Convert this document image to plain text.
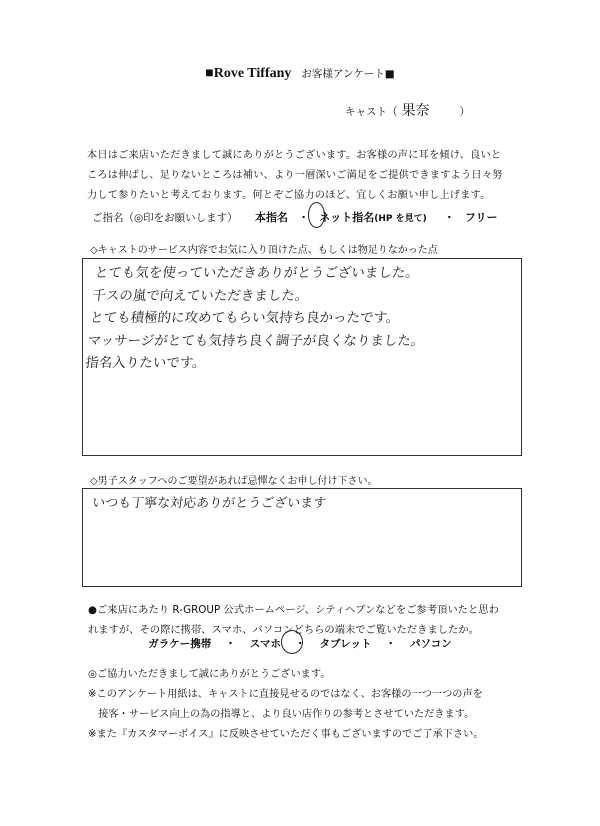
■Rove Tiffany お客様アンケート■
キャスト（ 果奈	）
本日はご来店いただきまして誠にありがとうございます。お客様の声に耳を傾け、良いと
ころは伸ばし、足りないところは補い、より一層深いご満足をご提供できますよう日々努
力して参りたいと考えております。何とぞご協力のほど、宜しくお願い申し上げます。
ご指名（◎印をお願いします） 本指名 ・ ネット指名(HP を見て) ・ フリー
◇キャストのサービス内容でお気に入り頂けた点、もしくは物足りなかった点
とても気を使っていただきありがとうございました。
千スの嵐で向えていただきました。
とても積極的に攻めてもらい気持ち良かったです。
マッサージがとても気持ち良く調子が良くなりました。
指名入りたいです。
◇男子スタッフへのご要望があれば忌憚なくお申し付け下さい。
いつも丁寧な対応ありがとうございます
●ご来店にあたり R-GROUP 公式ホームページ、シティヘブンなどをご参考頂いたと思わ
れますが、その際に携帯、スマホ、パソコンどちらの端末でご覧いただきましたか。
ガラケー携帯 ・ スマホ ・ タブレット ・ パソコン
◎ご協力いただきまして誠にありがとうございます。
※このアンケート用紙は、キャストに直接見せるのではなく、お客様の一つ一つの声を
　接客・サービス向上の為の指導と、より良い店作りの参考とさせていただきます。
※また『カスタマーボイス』に反映させていただく事もございますのでご了承下さい。
